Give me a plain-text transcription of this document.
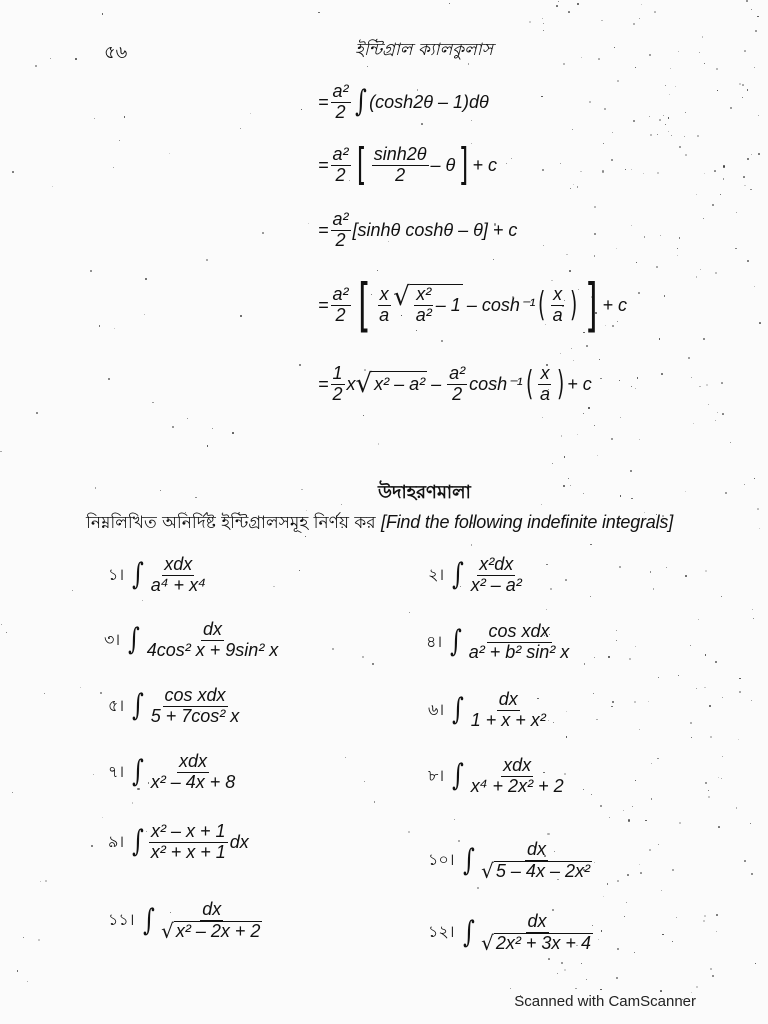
৫৬	ইন্টিগ্রাল ক্যালকুলাস
= $\frac{\text{a²}}{2}$ ∫ (cosh2θ – 1)dθ
= $\frac{\text{a²}}{2}$ [ $\frac{\sinh 2\theta}{2}$ – θ ] + c
= $\frac{\text{a²}}{2} [\sinh\theta$ coshθ – θ] + c
= $\frac{\text{a²}}{2}$ [ $\frac{x}{a}$ √ $\frac{\text{x²}}{\text{a²}} - 1 - \cosh^{-1}$ ( $\frac{x}{a}$ ) ] + c
= $\frac{1}{2}$ x √ $x^2 - a^2 - \frac{\text{a²}}{2} \cosh^{-1}$ ( $\frac{x}{a}$ ) + c
উদাহরণমালা
নিম্নলিখিত অনির্দিষ্ট ইন্টিগ্রালসমূহ নির্ণয় কর [Find the following indefinite integrals]
১। ∫ $\frac{\text{xdx}}{\text{a⁴ + x⁴}}$	২। ∫ $\frac{\text{x²dx}}{\text{x² – a²}}$
৩। ∫ $\frac{dx}{\text{4cos² x + 9sin² x}}$	৪। ∫ $\frac{\text{cos xdx}}{\text{a² + b² sin² x}}$
৫। ∫ $\frac{\text{cos xdx}}{\text{5 + 7cos² x}}$	৬। ∫ $\frac{dx}{\text{1 + x + x²}}$
৭। ∫ $\frac{\text{xdx}}{\text{x² – 4x + 8}}$	৮। ∫ $\frac{\text{xdx}}{\text{x⁴ + 2x² + 2}}$
৯। ∫ $\frac{\text{x² – x + 1}}{\text{x² + x + 1}}$ dx
১০। ∫ $\frac{dx}{\text{√ 5 – 4x – 2x²}}$
১১। ∫ $\frac{dx}{\text{√ x² – 2x + 2}}$	১২। ∫ $\frac{dx}{\text{√ 2x² + 3x + 4}}$
Scanned with CamScanner
